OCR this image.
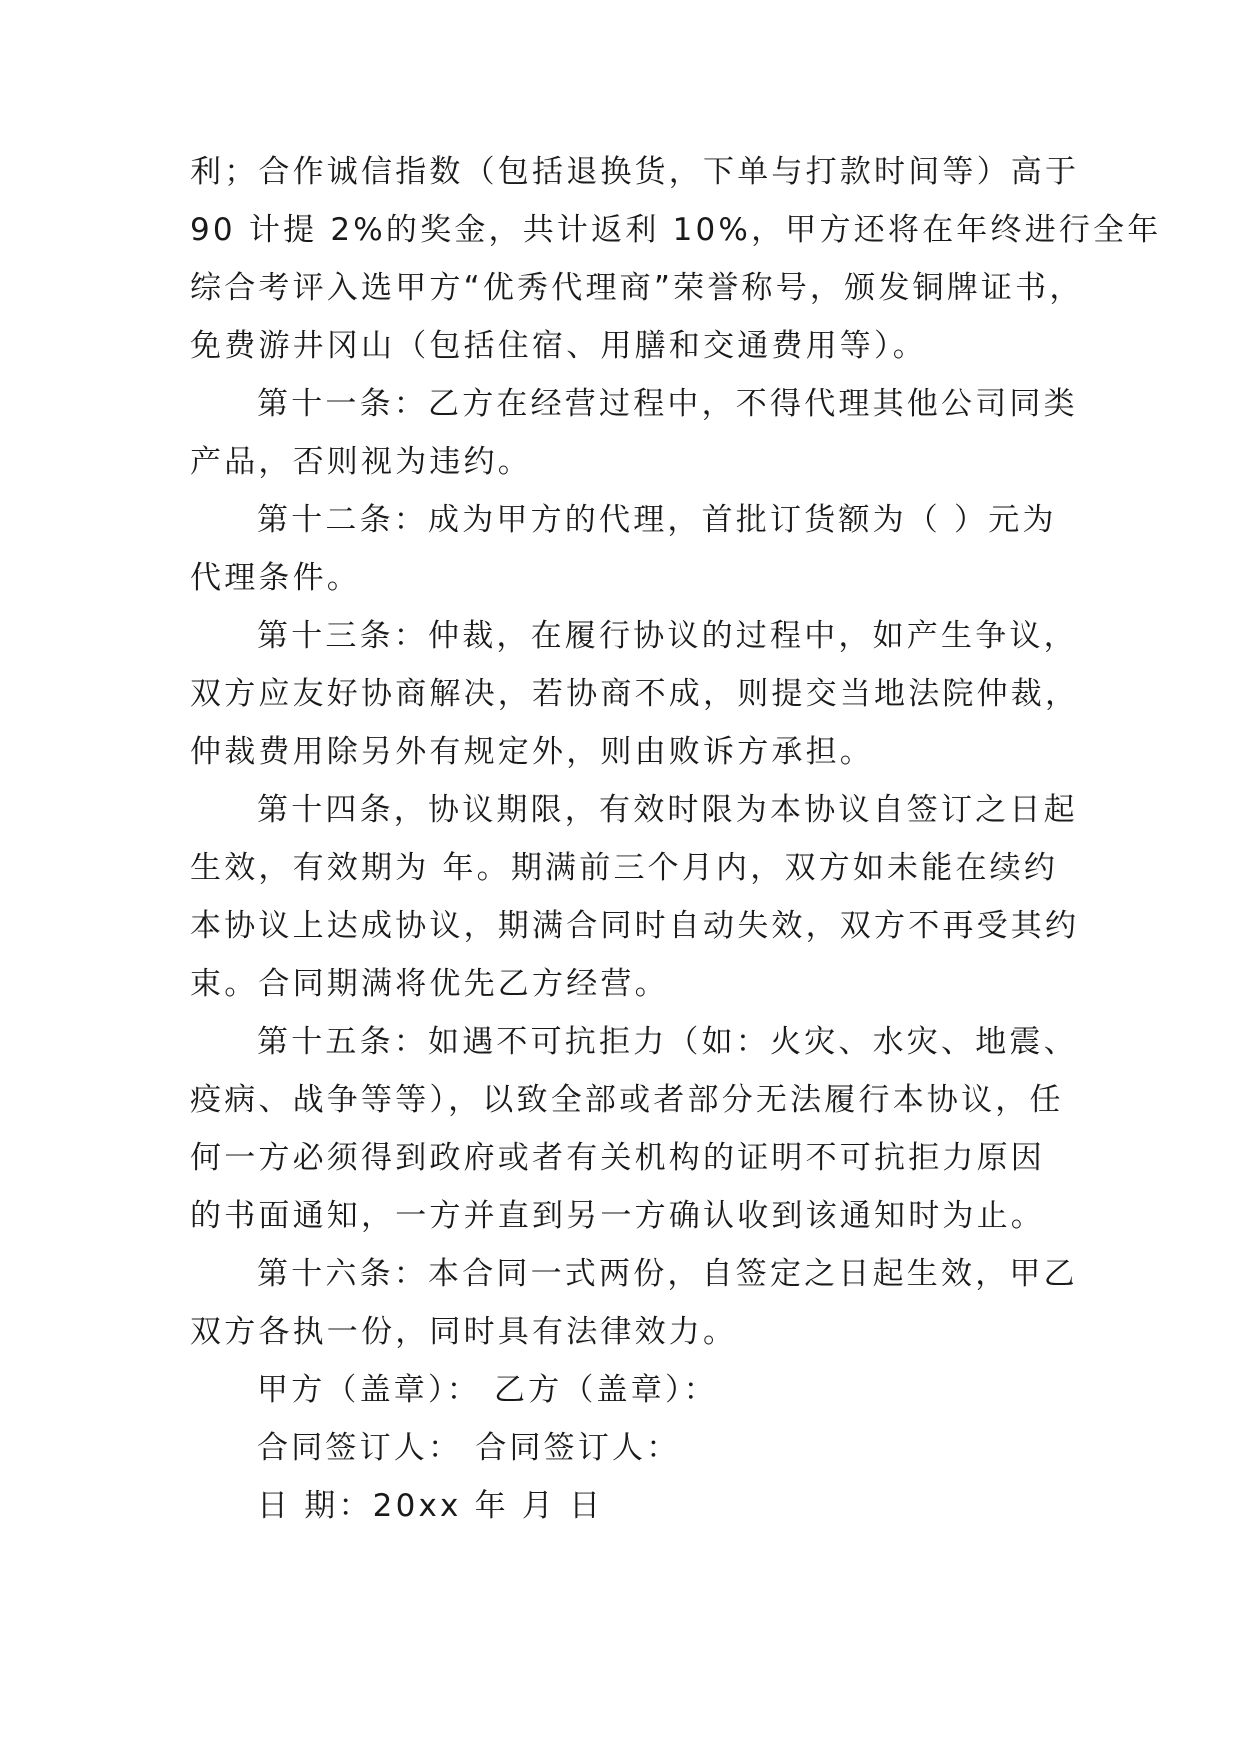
利；合作诚信指数（包括退换货，下单与打款时间等）高于
90 计提 2%的奖金，共计返利 10%，甲方还将在年终进行全年
综合考评入选甲方“优秀代理商”荣誉称号，颁发铜牌证书，
免费游井冈山（包括住宿、用膳和交通费用等）。
第十一条：乙方在经营过程中，不得代理其他公司同类
产品，否则视为违约。
第十二条：成为甲方的代理，首批订货额为（ ）元为
代理条件。
第十三条：仲裁，在履行协议的过程中，如产生争议，
双方应友好协商解决，若协商不成，则提交当地法院仲裁，
仲裁费用除另外有规定外，则由败诉方承担。
第十四条，协议期限，有效时限为本协议自签订之日起
生效，有效期为 年。期满前三个月内，双方如未能在续约
本协议上达成协议，期满合同时自动失效，双方不再受其约
束。合同期满将优先乙方经营。
第十五条：如遇不可抗拒力（如：火灾、水灾、地震、
疫病、战争等等），以致全部或者部分无法履行本协议，任
何一方必须得到政府或者有关机构的证明不可抗拒力原因
的书面通知，一方并直到另一方确认收到该通知时为止。
第十六条：本合同一式两份，自签定之日起生效，甲乙
双方各执一份，同时具有法律效力。
甲方（盖章）： 乙方（盖章）：
合同签订人： 合同签订人：
日 期：20xx 年 月 日
